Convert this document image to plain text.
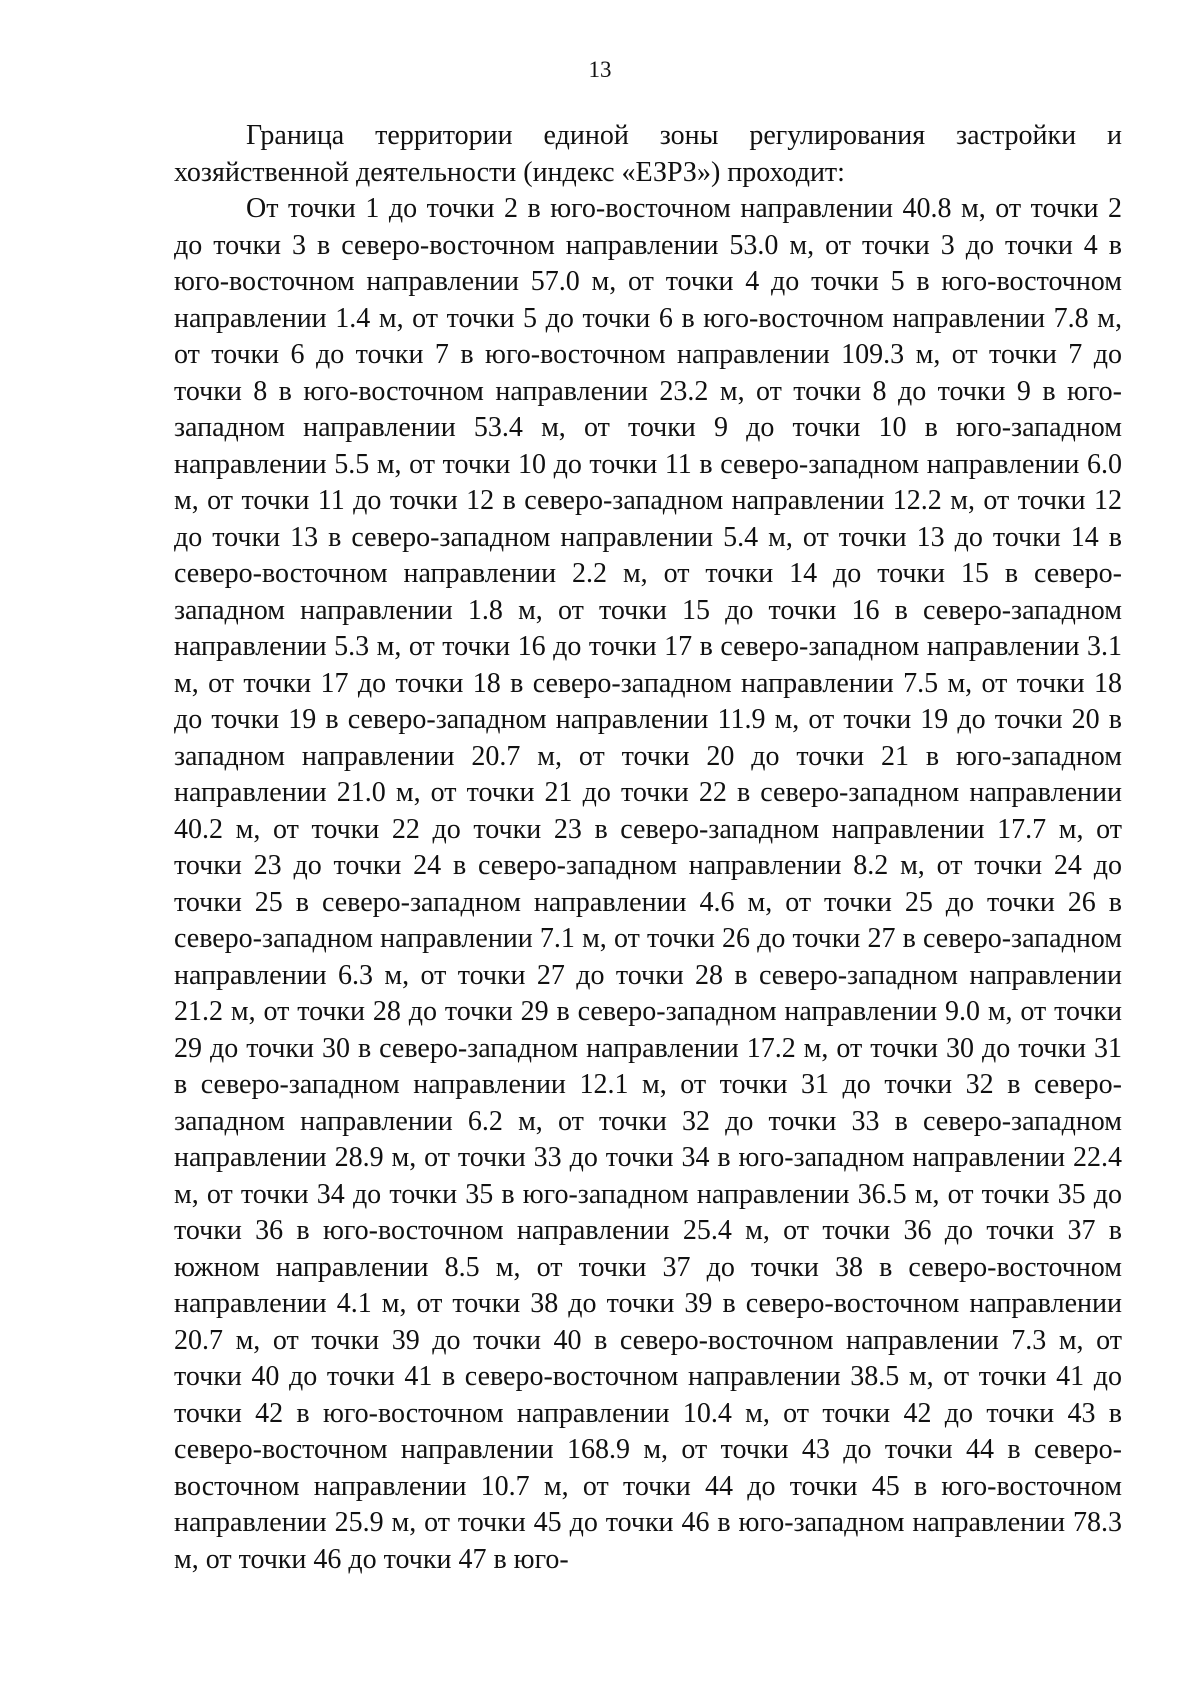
13

Граница территории единой зоны регулирования застройки и хозяйственной деятельности (индекс «ЕЗРЗ») проходит:

От точки 1 до точки 2 в юго-восточном направлении 40.8 м, от точки 2 до точки 3 в северо-восточном направлении 53.0 м, от точки 3 до точки 4 в юго-восточном направлении 57.0 м, от точки 4 до точки 5 в юго-восточном направлении 1.4 м, от точки 5 до точки 6 в юго-восточном направлении 7.8 м, от точки 6 до точки 7 в юго-восточном направлении 109.3 м, от точки 7 до точки 8 в юго-восточном направлении 23.2 м, от точки 8 до точки 9 в юго-западном направлении 53.4 м, от точки 9 до точки 10 в юго-западном направлении 5.5 м, от точки 10 до точки 11 в северо-западном направлении 6.0 м, от точки 11 до точки 12 в северо-западном направлении 12.2 м, от точки 12 до точки 13 в северо-западном направлении 5.4 м, от точки 13 до точки 14 в северо-восточном направлении 2.2 м, от точки 14 до точки 15 в северо-западном направлении 1.8 м, от точки 15 до точки 16 в северо-западном направлении 5.3 м, от точки 16 до точки 17 в северо-западном направлении 3.1 м, от точки 17 до точки 18 в северо-западном направлении 7.5 м, от точки 18 до точки 19 в северо-западном направлении 11.9 м, от точки 19 до точки 20 в западном направлении 20.7 м, от точки 20 до точки 21 в юго-западном направлении 21.0 м, от точки 21 до точки 22 в северо-западном направлении 40.2 м, от точки 22 до точки 23 в северо-западном направлении 17.7 м, от точки 23 до точки 24 в северо-западном направлении 8.2 м, от точки 24 до точки 25 в северо-западном направлении 4.6 м, от точки 25 до точки 26 в северо-западном направлении 7.1 м, от точки 26 до точки 27 в северо-западном направлении 6.3 м, от точки 27 до точки 28 в северо-западном направлении 21.2 м, от точки 28 до точки 29 в северо-западном направлении 9.0 м, от точки 29 до точки 30 в северо-западном направлении 17.2 м, от точки 30 до точки 31 в северо-западном направлении 12.1 м, от точки 31 до точки 32 в северо-западном направлении 6.2 м, от точки 32 до точки 33 в северо-западном направлении 28.9 м, от точки 33 до точки 34 в юго-западном направлении 22.4 м, от точки 34 до точки 35 в юго-западном направлении 36.5 м, от точки 35 до точки 36 в юго-восточном направлении 25.4 м, от точки 36 до точки 37 в южном направлении 8.5 м, от точки 37 до точки 38 в северо-восточном направлении 4.1 м, от точки 38 до точки 39 в северо-восточном направлении 20.7 м, от точки 39 до точки 40 в северо-восточном направлении 7.3 м, от точки 40 до точки 41 в северо-восточном направлении 38.5 м, от точки 41 до точки 42 в юго-восточном направлении 10.4 м, от точки 42 до точки 43 в северо-восточном направлении 168.9 м, от точки 43 до точки 44 в северо-восточном направлении 10.7 м, от точки 44 до точки 45 в юго-восточном направлении 25.9 м, от точки 45 до точки 46 в юго-западном направлении 78.3 м, от точки 46 до точки 47 в юго-
